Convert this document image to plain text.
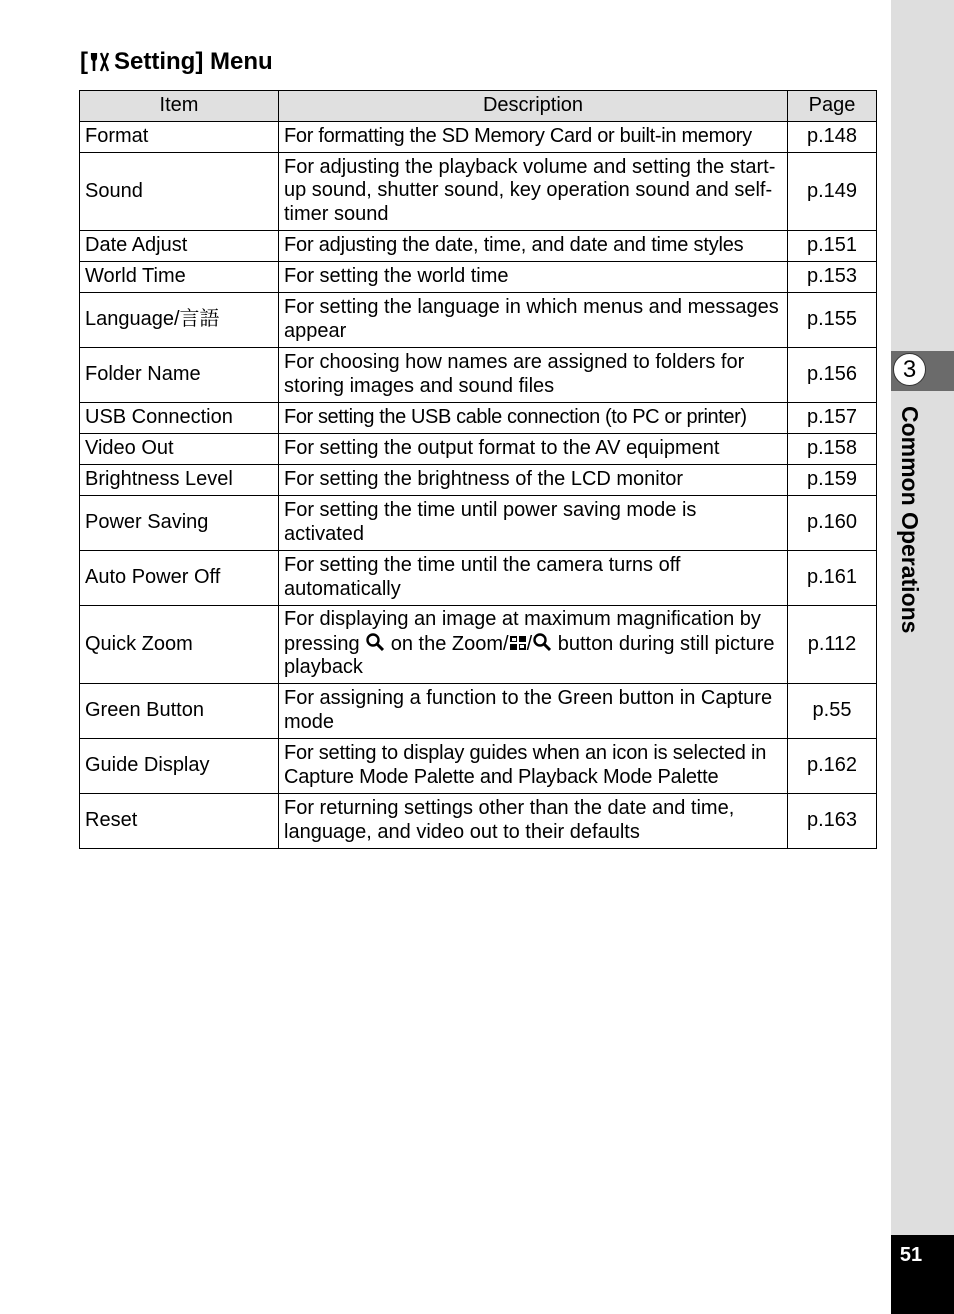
[ Setting] Menu
Item	Description	Page
Format	For formatting the SD Memory Card or built-in memory	p.148
Sound	For adjusting the playback volume and setting the start-up sound, shutter sound, key operation sound and self-timer sound	p.149
Date Adjust	For adjusting the date, time, and date and time styles	p.151
World Time	For setting the world time	p.153
Language/言語	For setting the language in which menus and messages appear	p.155
Folder Name	For choosing how names are assigned to folders for storing images and sound files	p.156
USB Connection	For setting the USB cable connection (to PC or printer)	p.157
Video Out	For setting the output format to the AV equipment	p.158
Brightness Level	For setting the brightness of the LCD monitor	p.159
Power Saving	For setting the time until power saving mode is activated	p.160
Auto Power Off	For setting the time until the camera turns off automatically	p.161
Quick Zoom	For displaying an image at maximum magnification by pressing on the Zoom/ / button during still picture playback	p.112
Green Button	For assigning a function to the Green button in Capture mode	p.55
Guide Display	For setting to display guides when an icon is selected in Capture Mode Palette and Playback Mode Palette	p.162
Reset	For returning settings other than the date and time, language, and video out to their defaults	p.163
3
Common Operations
51
